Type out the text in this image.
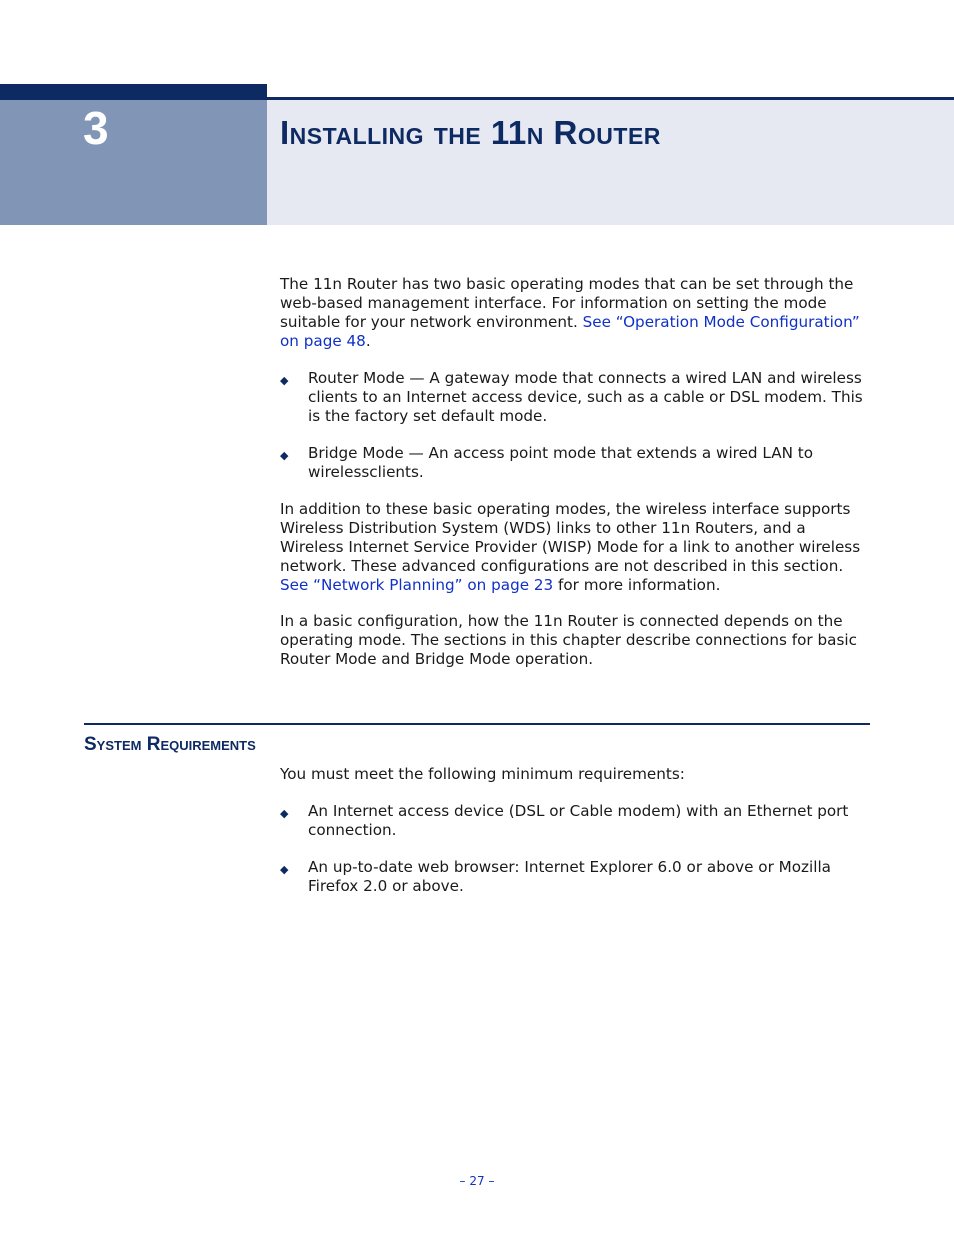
3	Installing the 11n Router

The 11n Router has two basic operating modes that can be set through the web-based management interface. For information on setting the mode suitable for your network environment. See “Operation Mode Configuration” on page 48.

◆ Router Mode — A gateway mode that connects a wired LAN and wireless clients to an Internet access device, such as a cable or DSL modem. This is the factory set default mode.
◆ Bridge Mode — An access point mode that extends a wired LAN to wirelessclients.

In addition to these basic operating modes, the wireless interface supports Wireless Distribution System (WDS) links to other 11n Routers, and a Wireless Internet Service Provider (WISP) Mode for a link to another wireless network. These advanced configurations are not described in this section. See “Network Planning” on page 23 for more information.

In a basic configuration, how the 11n Router is connected depends on the operating mode. The sections in this chapter describe connections for basic Router Mode and Bridge Mode operation.

System Requirements

You must meet the following minimum requirements:

◆ An Internet access device (DSL or Cable modem) with an Ethernet port connection.
◆ An up-to-date web browser: Internet Explorer 6.0 or above or Mozilla Firefox 2.0 or above.
– 27 –
